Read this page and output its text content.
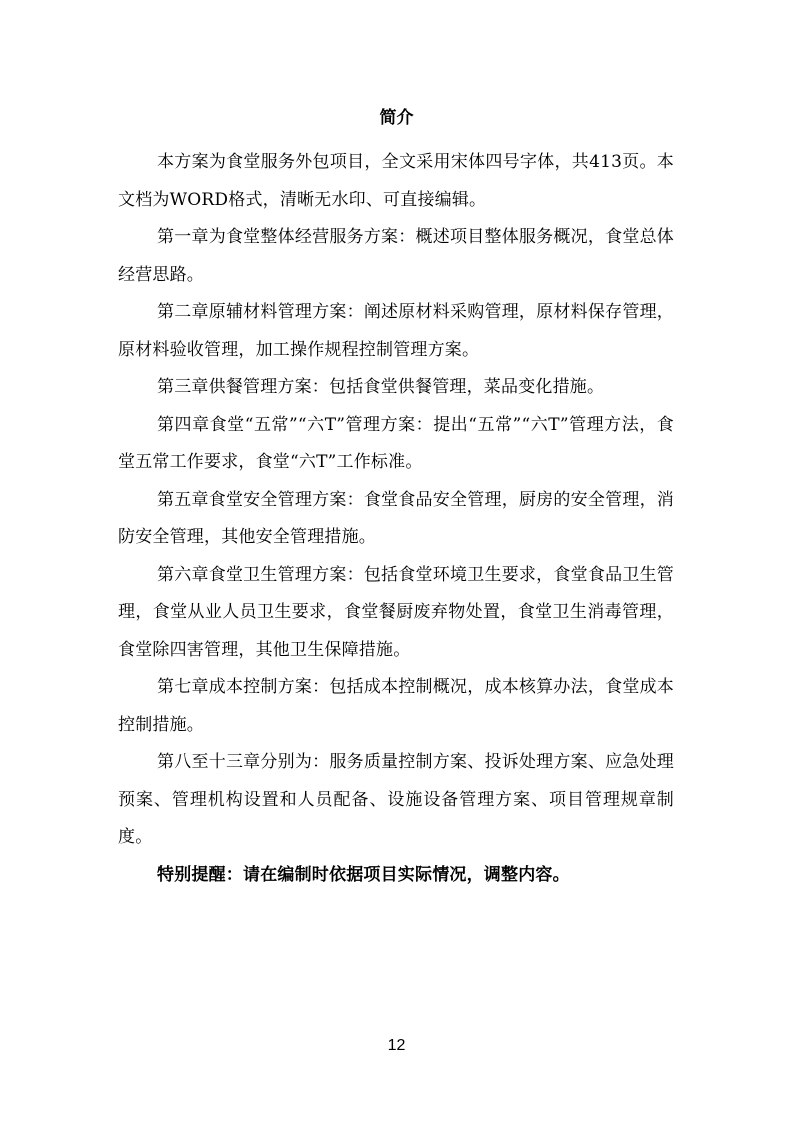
简介

本方案为食堂服务外包项目，全文采用宋体四号字体，共413页。本文档为WORD格式，清晰无水印、可直接编辑。

第一章为食堂整体经营服务方案：概述项目整体服务概况，食堂总体经营思路。

第二章原辅材料管理方案：阐述原材料采购管理，原材料保存管理，原材料验收管理，加工操作规程控制管理方案。

第三章供餐管理方案：包括食堂供餐管理，菜品变化措施。

第四章食堂“五常”“六T”管理方案：提出“五常”“六T”管理方法，食堂五常工作要求，食堂“六T”工作标准。

第五章食堂安全管理方案：食堂食品安全管理，厨房的安全管理，消防安全管理，其他安全管理措施。

第六章食堂卫生管理方案：包括食堂环境卫生要求，食堂食品卫生管理，食堂从业人员卫生要求，食堂餐厨废弃物处置，食堂卫生消毒管理，食堂除四害管理，其他卫生保障措施。

第七章成本控制方案：包括成本控制概况，成本核算办法，食堂成本控制措施。

第八至十三章分别为：服务质量控制方案、投诉处理方案、应急处理预案、管理机构设置和人员配备、设施设备管理方案、项目管理规章制度。

特别提醒：请在编制时依据项目实际情况，调整内容。

12
